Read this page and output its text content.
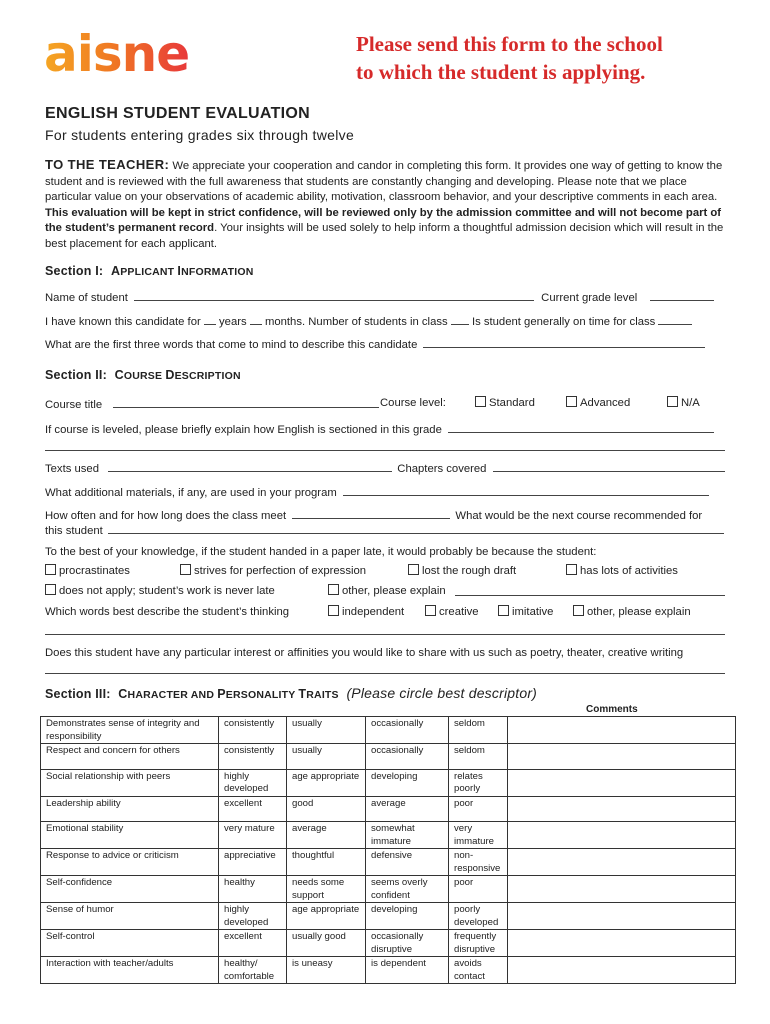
aisne	Please send this form to the school
to which the student is applying.
ENGLISH STUDENT EVALUATION
For students entering grades six through twelve
TO THE TEACHER: We appreciate your cooperation and candor in completing this form. It provides one way of getting to know the student and is reviewed with the full awareness that students are constantly changing and developing. Please note that we place particular value on your observations of academic ability, motivation, classroom behavior, and your descriptive comments in each area. This evaluation will be kept in strict confidence, will be reviewed only by the admission committee and will not become part of the student’s permanent record. Your insights will be used solely to help inform a thoughtful admission decision which will result in the best placement for each applicant.
Section I: APPLICANT INFORMATION
Name of student	Current grade level
I have known this candidate for years months. Number of students in class Is student generally on time for class
What are the first three words that come to mind to describe this candidate
Section II: COURSE DESCRIPTION
Course title	Course level:	Standard	Advanced	N/A
If course is leveled, please briefly explain how English is sectioned in this grade
Texts used	Chapters covered
What additional materials, if any, are used in your program
How often and for how long does the class meet	What would be the next course recommended for
this student
To the best of your knowledge, if the student handed in a paper late, it would probably be because the student:
procrastinates	strives for perfection of expression	lost the rough draft	has lots of activities
does not apply; student’s work is never late	other, please explain
Which words best describe the student’s thinking	independent	creative	imitative	other, please explain
Does this student have any particular interest or affinities you would like to share with us such as poetry, theater, creative writing
Section III: CHARACTER AND PERSONALITY TRAITS (Please circle best descriptor)
Comments
Demonstrates sense of integrity and responsibility	consistently	usually	occasionally	seldom	
Respect and concern for others	consistently	usually	occasionally	seldom	
Social relationship with peers	highly developed	age appropriate	developing	relates poorly	
Leadership ability	excellent	good	average	poor	
Emotional stability	very mature	average	somewhat immature	very immature	
Response to advice or criticism	appreciative	thoughtful	defensive	non-responsive	
Self-confidence	healthy	needs some support	seems overly confident	poor	
Sense of humor	highly developed	age appropriate	developing	poorly developed	
Self-control	excellent	usually good	occasionally disruptive	frequently disruptive	
Interaction with teacher/adults	healthy/ comfortable	is uneasy	is dependent	avoids contact	
